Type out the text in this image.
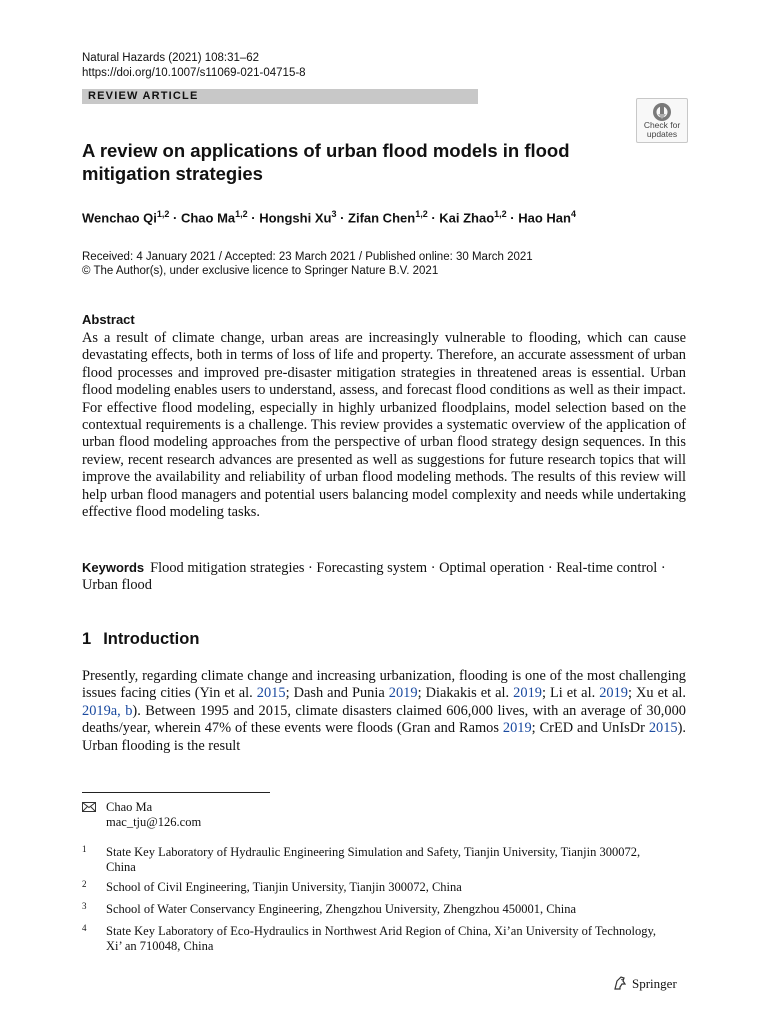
Natural Hazards (2021) 108:31–62
https://doi.org/10.1007/s11069-021-04715-8
REVIEW ARTICLE
Check for
updates
A review on applications of urban flood models in flood mitigation strategies
Wenchao Qi$^{1,2}$ · Chao Ma$^{1,2}$ · Hongshi $Xu^3$ · Zifan Chen$^{1,2}$ · Kai Zhao$^{1,2}$ · Hao Han$^4$
Received: 4 January 2021 / Accepted: 23 March 2021 / Published online: 30 March 2021
© The Author(s), under exclusive licence to Springer Nature B.V. 2021
Abstract

As a result of climate change, urban areas are increasingly vulnerable to flooding, which can cause devastating effects, both in terms of loss of life and property. Therefore, an accurate assessment of urban flood processes and improved pre-disaster mitigation strategies in threatened areas is essential. Urban flood modeling enables users to understand, assess, and forecast flood conditions as well as their impact. For effective flood modeling, especially in highly urbanized floodplains, model selection based on the contextual requirements is a challenge. This review provides a systematic overview of the application of urban flood modeling approaches from the perspective of urban flood strategy design sequences. In this review, recent research advances are presented as well as suggestions for future research topics that will improve the availability and reliability of urban flood modeling methods. The results of this review will help urban flood managers and potential users balancing model complexity and needs while undertaking effective flood modeling tasks.

Keywords Flood mitigation strategies · Forecasting system · Optimal operation · Real-time control · Urban flood

1 Introduction

Presently, regarding climate change and increasing urbanization, flooding is one of the most challenging issues facing cities (Yin et al. 2015; Dash and Punia 2019; Diakakis et al. 2019; Li et al. 2019; Xu et al. 2019a, b). Between 1995 and 2015, climate disasters claimed 606,000 lives, with an average of 30,000 deaths/year, wherein 47% of these events were floods (Gran and Ramos 2019; CrED and UnIsDr 2015). Urban flooding is the result

Chao Ma
mac_tju@126.com
1 State Key Laboratory of Hydraulic Engineering Simulation and Safety, Tianjin University, Tianjin 300072, China
2 School of Civil Engineering, Tianjin University, Tianjin 300072, China
3 School of Water Conservancy Engineering, Zhengzhou University, Zhengzhou 450001, China
4 State Key Laboratory of Eco-Hydraulics in Northwest Arid Region of China, Xi’an University of Technology, Xi’ an 710048, China
Springer
